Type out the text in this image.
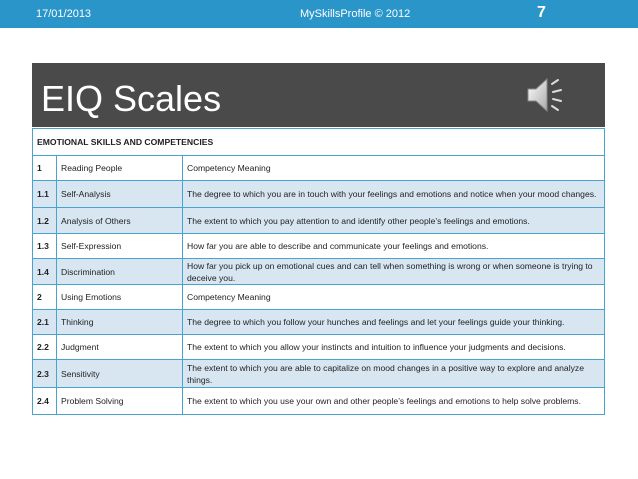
17/01/2013	MySkillsProfile © 2012	7
EIQ Scales
EMOTIONAL SKILLS AND COMPETENCIES		
1	Reading People	Competency Meaning
1.1	Self-Analysis	The degree to which you are in touch with your feelings and emotions and notice when your mood changes.
1.2	Analysis of Others	The extent to which you pay attention to and identify other people’s feelings and emotions.
1.3	Self-Expression	How far you are able to describe and communicate your feelings and emotions.
1.4	Discrimination	How far you pick up on emotional cues and can tell when something is wrong or when someone is trying to deceive you.
2	Using Emotions	Competency Meaning
2.1	Thinking	The degree to which you follow your hunches and feelings and let your feelings guide your thinking.
2.2	Judgment	The extent to which you allow your instincts and intuition to influence your judgments and decisions.
2.3	Sensitivity	The extent to which you are able to capitalize on mood changes in a positive way to explore and analyze things.
2.4	Problem Solving	The extent to which you use your own and other people’s feelings and emotions to help solve problems.
